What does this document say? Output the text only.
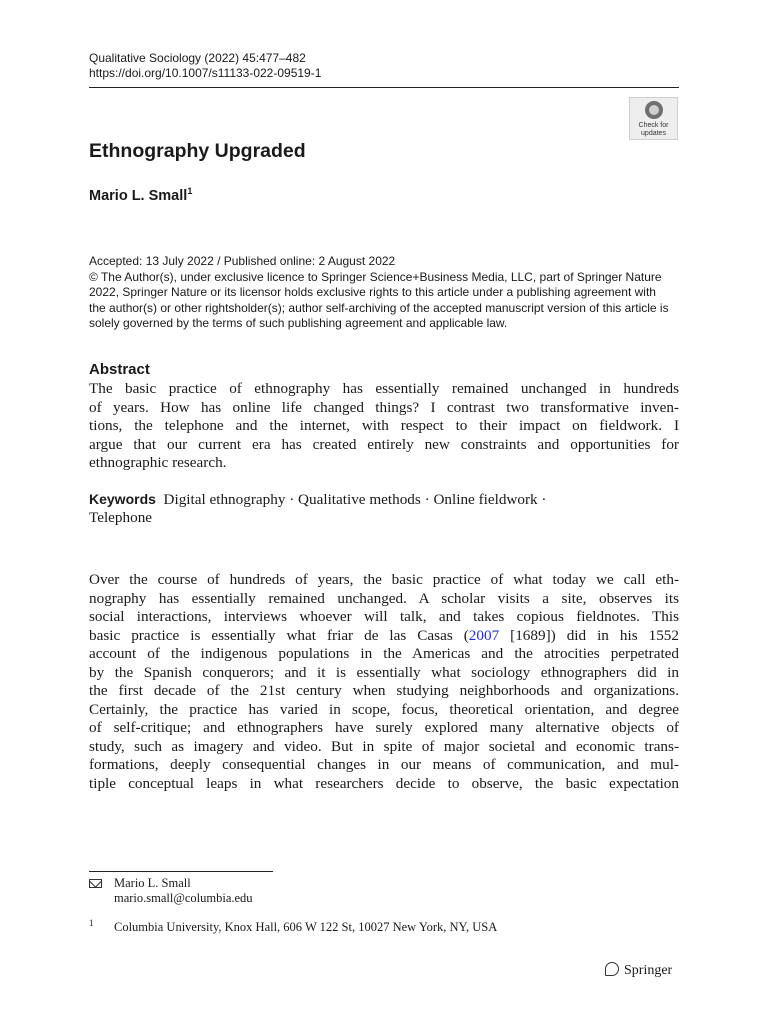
Qualitative Sociology (2022) 45:477–482
https://doi.org/10.1007/s11133-022-09519-1
Check for
updates
Ethnography Upgraded
Mario L. Small$^1$
Accepted: 13 July 2022 / Published online: 2 August 2022
© The Author(s), under exclusive licence to Springer Science+Business Media, LLC, part of Springer Nature
2022, Springer Nature or its licensor holds exclusive rights to this article under a publishing agreement with
the author(s) or other rightsholder(s); author self-archiving of the accepted manuscript version of this article is
solely governed by the terms of such publishing agreement and applicable law.
Abstract
The basic practice of ethnography has essentially remained unchanged in hundreds
of years. How has online life changed things? I contrast two transformative inven-
tions, the telephone and the internet, with respect to their impact on fieldwork. I
argue that our current era has created entirely new constraints and opportunities for
ethnographic research.
Keywords Digital ethnography · Qualitative methods · Online fieldwork ·
Telephone
Over the course of hundreds of years, the basic practice of what today we call eth-
nography has essentially remained unchanged. A scholar visits a site, observes its
social interactions, interviews whoever will talk, and takes copious fieldnotes. This
basic practice is essentially what friar de las Casas (2007 [1689]) did in his 1552
account of the indigenous populations in the Americas and the atrocities perpetrated
by the Spanish conquerors; and it is essentially what sociology ethnographers did in
the first decade of the 21st century when studying neighborhoods and organizations.
Certainly, the practice has varied in scope, focus, theoretical orientation, and degree
of self-critique; and ethnographers have surely explored many alternative objects of
study, such as imagery and video. But in spite of major societal and economic trans-
formations, deeply consequential changes in our means of communication, and mul-
tiple conceptual leaps in what researchers decide to observe, the basic expectation
Mario L. Small
mario.small@columbia.edu
1 Columbia University, Knox Hall, 606 W 122 St, 10027 New York, NY, USA
Springer
